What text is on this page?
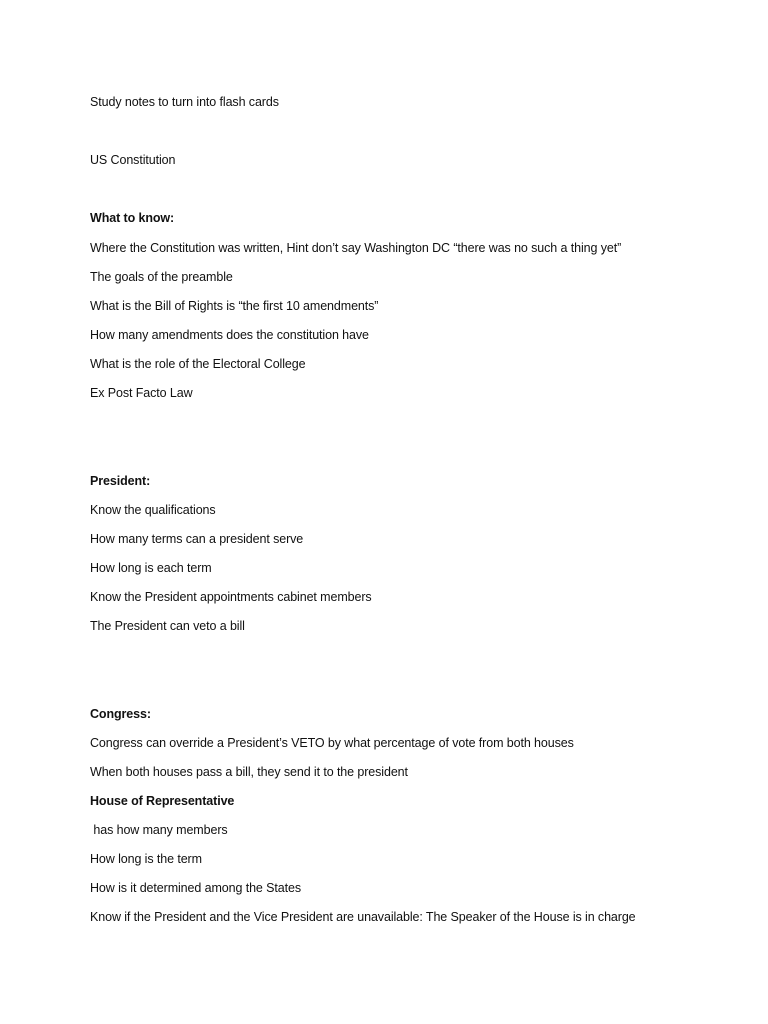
Study notes to turn into flash cards
US Constitution
What to know:
Where the Constitution was written, Hint don’t say Washington DC “there was no such a thing yet”
The goals of the preamble
What is the Bill of Rights is “the first 10 amendments”
How many amendments does the constitution have
What is the role of the Electoral College
Ex Post Facto Law
President:
Know the qualifications
How many terms can a president serve
How long is each term
Know the President appointments cabinet members
The President can veto a bill
Congress:
Congress can override a President’s VETO by what percentage of vote from both houses
When both houses pass a bill, they send it to the president
House of Representative
has how many members
How long is the term
How is it determined among the States
Know if the President and the Vice President are unavailable: The Speaker of the House is in charge
